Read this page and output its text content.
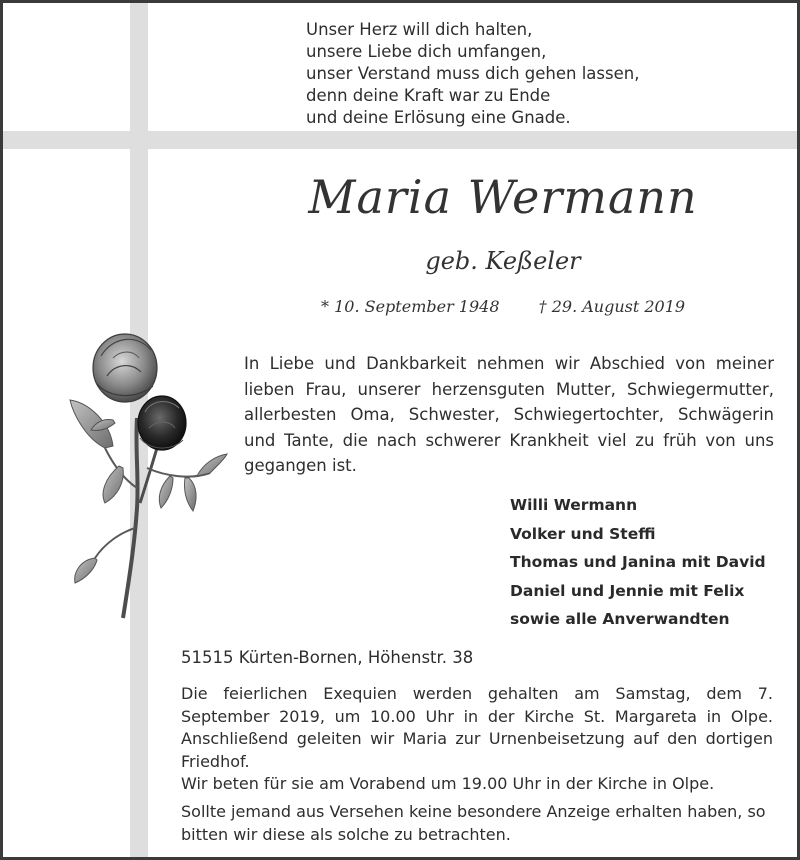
Unser Herz will dich halten,
unsere Liebe dich umfangen,
unser Verstand muss dich gehen lassen,
denn deine Kraft war zu Ende
und deine Erlösung eine Gnade.
Maria Wermann
geb. Keßeler
* 10. September 1948 † 29. August 2019
In Liebe und Dankbarkeit nehmen wir Abschied von meiner lieben Frau, unserer herzensguten Mutter, Schwiegermutter, allerbesten Oma, Schwester, Schwiegertochter, Schwägerin und Tante, die nach schwerer Krankheit viel zu früh von uns gegangen ist.
Willi Wermann
Volker und Steffi
Thomas und Janina mit David
Daniel und Jennie mit Felix
sowie alle Anverwandten
51515 Kürten-Bornen, Höhenstr. 38
Die feierlichen Exequien werden gehalten am Samstag, dem 7. September 2019, um 10.00 Uhr in der Kirche St. Margareta in Olpe. Anschließend geleiten wir Maria zur Urnenbeisetzung auf den dortigen Friedhof.
Wir beten für sie am Vorabend um 19.00 Uhr in der Kirche in Olpe.
Sollte jemand aus Versehen keine besondere Anzeige erhalten haben, so bitten wir diese als solche zu betrachten.
